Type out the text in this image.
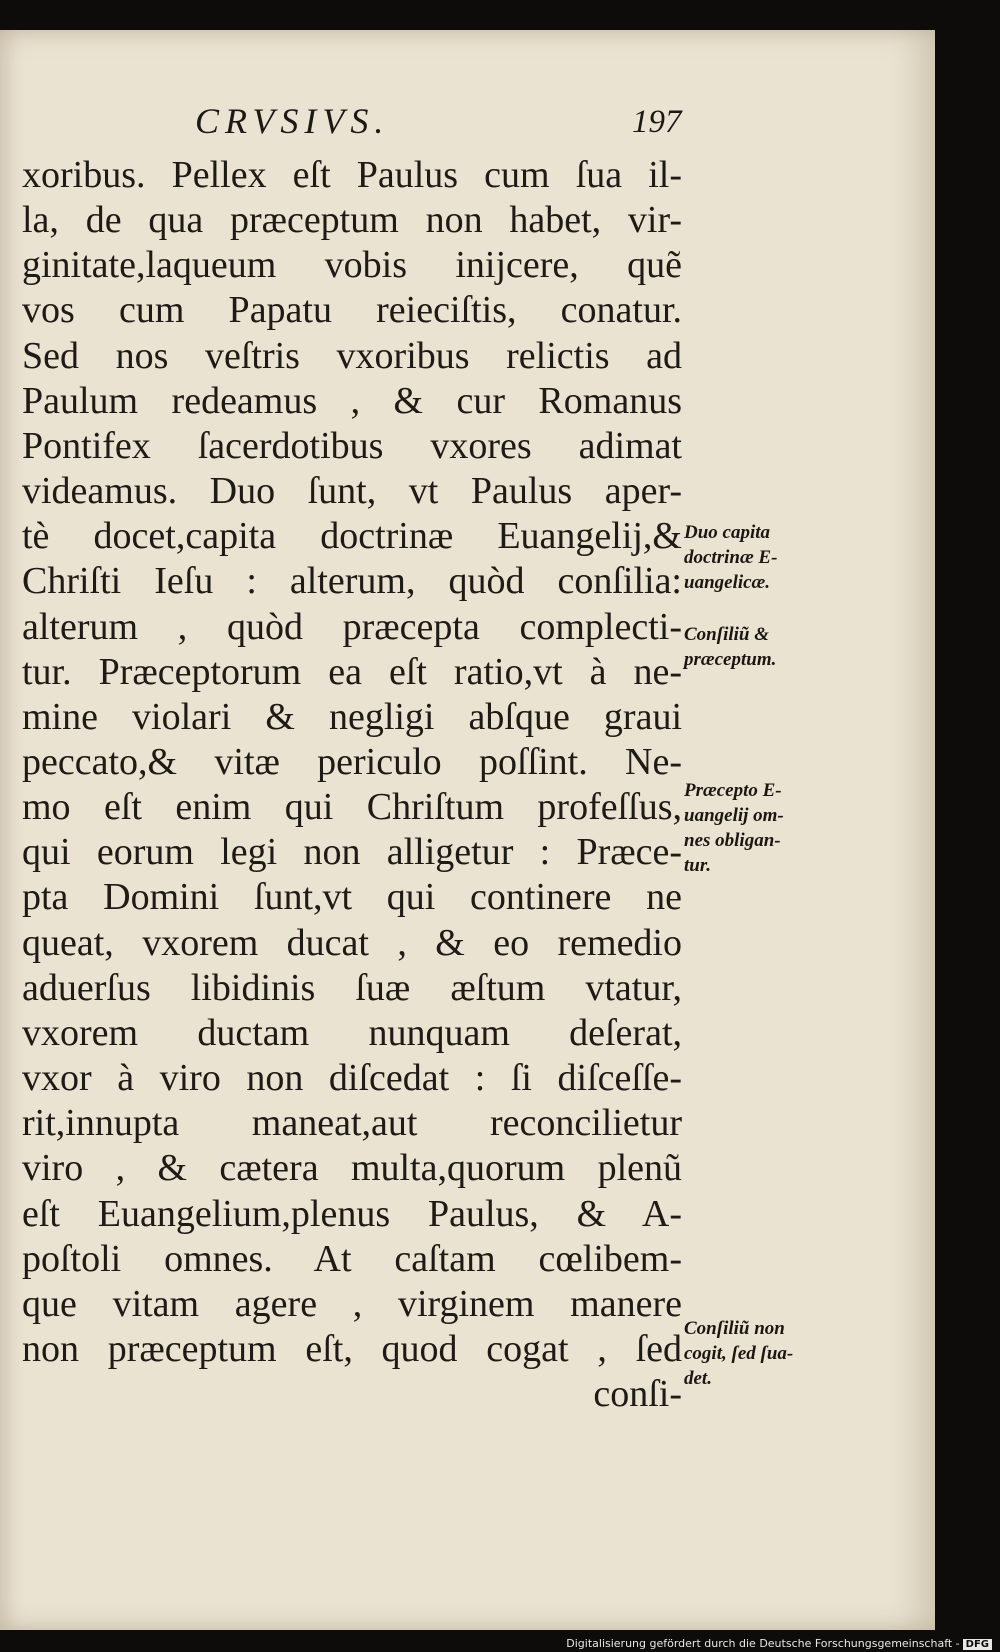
CRVSIVS.	197
xoribus. Pellex eſt Paulus cum ſua il-
la, de qua præceptum non habet, vir-
ginitate,laqueum vobis inijcere, quẽ
vos cum Papatu reieciſtis, conatur.
Sed nos veſtris vxoribus relictis ad
Paulum redeamus , & cur Romanus
Pontifex ſacerdotibus vxores adimat
videamus. Duo ſunt, vt Paulus aper-
tè docet,capita doctrinæ Euangelij,&
Chriſti Ieſu : alterum, quòd conſilia:
alterum , quòd præcepta complecti-
tur. Præceptorum ea eſt ratio,vt à ne-
mine violari & negligi abſque graui
peccato,& vitæ periculo poſſint. Ne-
mo eſt enim qui Chriſtum profeſſus,
qui eorum legi non alligetur : Præce-
pta Domini ſunt,vt qui continere ne
queat, vxorem ducat , & eo remedio
aduerſus libidinis ſuæ æſtum vtatur,
vxorem ductam nunquam deſerat,
vxor à viro non diſcedat : ſi diſceſſe-
rit,innupta maneat,aut reconcilietur
viro , & cætera multa,quorum plenũ
eſt Euangelium,plenus Paulus, & A-
poſtoli omnes. At caſtam cœlibem-
que vitam agere , virginem manere
non præceptum eſt, quod cogat , ſed
conſi-
Duo capita
doctrinæ E-
uangelicæ.
Conſiliũ &
præceptum.
Præcepto E-
uangelij om-
nes obligan-
tur.
Conſiliũ non
cogit, ſed ſua-
det.
Digitalisierung gefördert durch die Deutsche Forschungsgemeinschaft - DFG
